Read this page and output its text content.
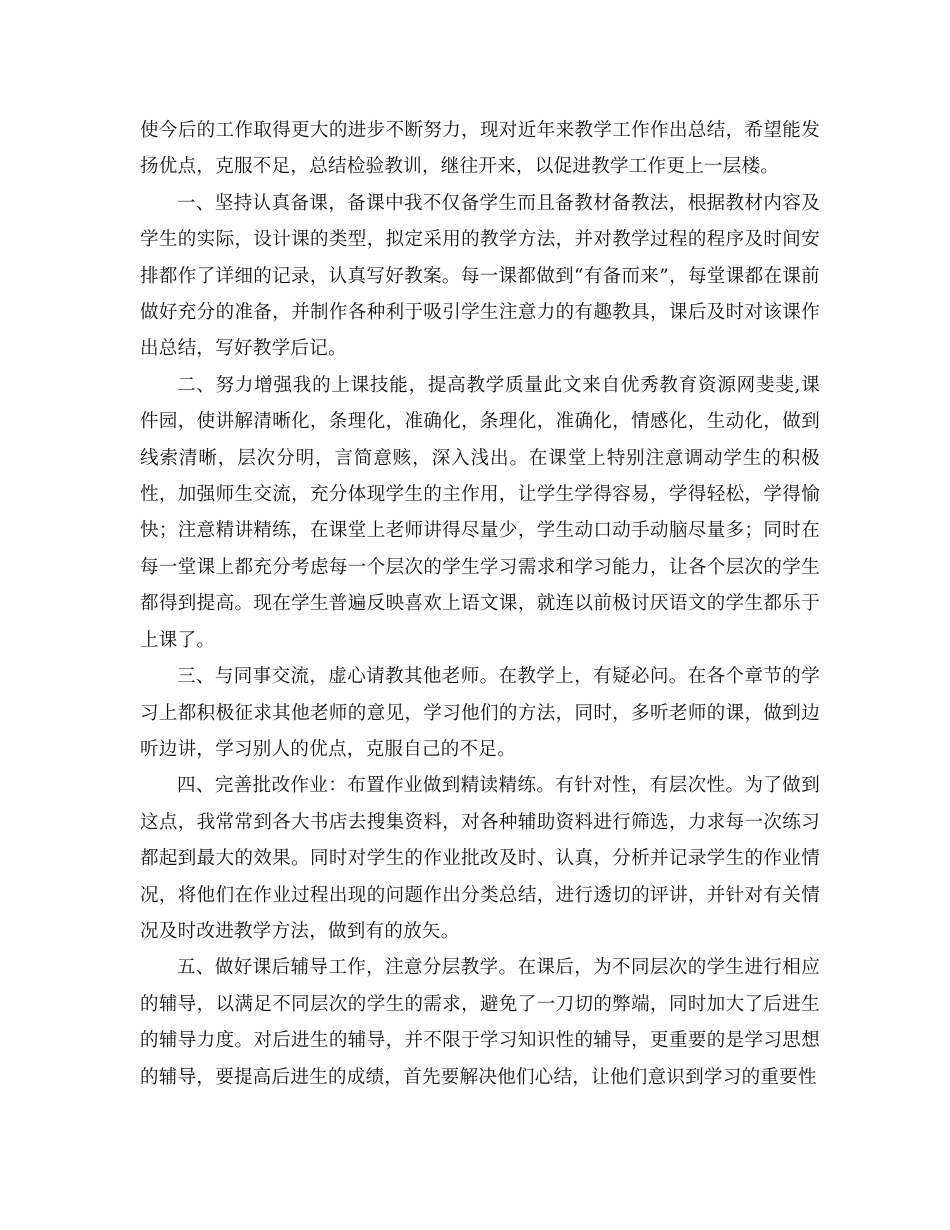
使今后的工作取得更大的进步不断努力，现对近年来教学工作作出总结，希望能发扬优点，克服不足，总结检验教训，继往开来，以促进教学工作更上一层楼。

一、坚持认真备课，备课中我不仅备学生而且备教材备教法，根据教材内容及学生的实际，设计课的类型，拟定采用的教学方法，并对教学过程的程序及时间安排都作了详细的记录，认真写好教案。每一课都做到“有备而来”，每堂课都在课前做好充分的准备，并制作各种利于吸引学生注意力的有趣教具，课后及时对该课作出总结，写好教学后记。

二、努力增强我的上课技能，提高教学质量此文来自优秀教育资源网斐斐,课件园，使讲解清晰化，条理化，准确化，条理化，准确化，情感化，生动化，做到线索清晰，层次分明，言简意赅，深入浅出。在课堂上特别注意调动学生的积极性，加强师生交流，充分体现学生的主作用，让学生学得容易，学得轻松，学得愉快；注意精讲精练，在课堂上老师讲得尽量少，学生动口动手动脑尽量多；同时在每一堂课上都充分考虑每一个层次的学生学习需求和学习能力，让各个层次的学生都得到提高。现在学生普遍反映喜欢上语文课，就连以前极讨厌语文的学生都乐于上课了。

三、与同事交流，虚心请教其他老师。在教学上，有疑必问。在各个章节的学习上都积极征求其他老师的意见，学习他们的方法，同时，多听老师的课，做到边听边讲，学习别人的优点，克服自己的不足。

四、完善批改作业：布置作业做到精读精练。有针对性，有层次性。为了做到这点，我常常到各大书店去搜集资料，对各种辅助资料进行筛选，力求每一次练习都起到最大的效果。同时对学生的作业批改及时、认真，分析并记录学生的作业情况，将他们在作业过程出现的问题作出分类总结，进行透切的评讲，并针对有关情况及时改进教学方法，做到有的放矢。

五、做好课后辅导工作，注意分层教学。在课后，为不同层次的学生进行相应的辅导，以满足不同层次的学生的需求，避免了一刀切的弊端，同时加大了后进生的辅导力度。对后进生的辅导，并不限于学习知识性的辅导，更重要的是学习思想的辅导，要提高后进生的成绩，首先要解决他们心结，让他们意识到学习的重要性
